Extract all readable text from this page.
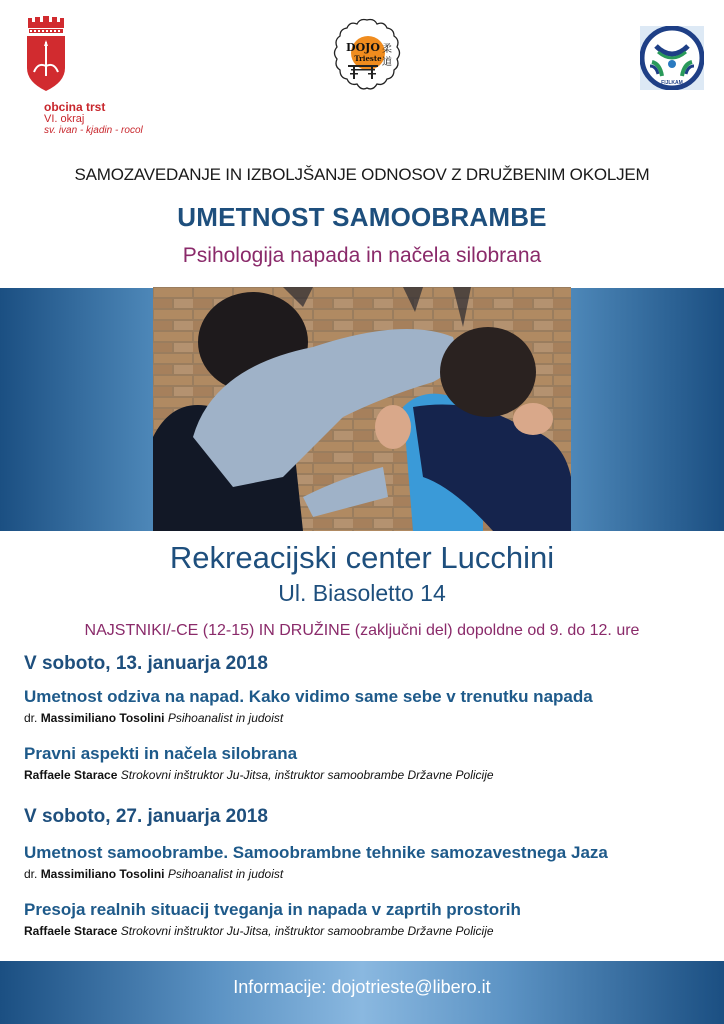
obcina trst
VI. okraj
sv. ivan - kjadin - rocol
DOJO
Trieste
柔
道
FIJLKAM
SAMOZAVEDANJE IN IZBOLJŠANJE ODNOSOV Z DRUŽBENIM OKOLJEM
UMETNOST SAMOOBRAMBE
Psihologija napada in načela silobrana
Rekreacijski center Lucchini
Ul. Biasoletto 14
NAJSTNIKI/-CE (12-15) IN DRUŽINE (zaključni del) dopoldne od 9. do 12. ure
V soboto, 13. januarja 2018
Umetnost odziva na napad. Kako vidimo same sebe v trenutku napada
dr. Massimiliano Tosolini Psihoanalist in judoist
Pravni aspekti in načela silobrana
Raffaele Starace Strokovni inštruktor Ju-Jitsa, inštruktor samoobrambe Državne Policije
V soboto, 27. januarja 2018
Umetnost samoobrambe. Samoobrambne tehnike samozavestnega Jaza
dr. Massimiliano Tosolini Psihoanalist in judoist
Presoja realnih situacij tveganja in napada v zaprtih prostorih
Raffaele Starace Strokovni inštruktor Ju-Jitsa, inštruktor samoobrambe Državne Policije
Informacije: dojotrieste@libero.it
